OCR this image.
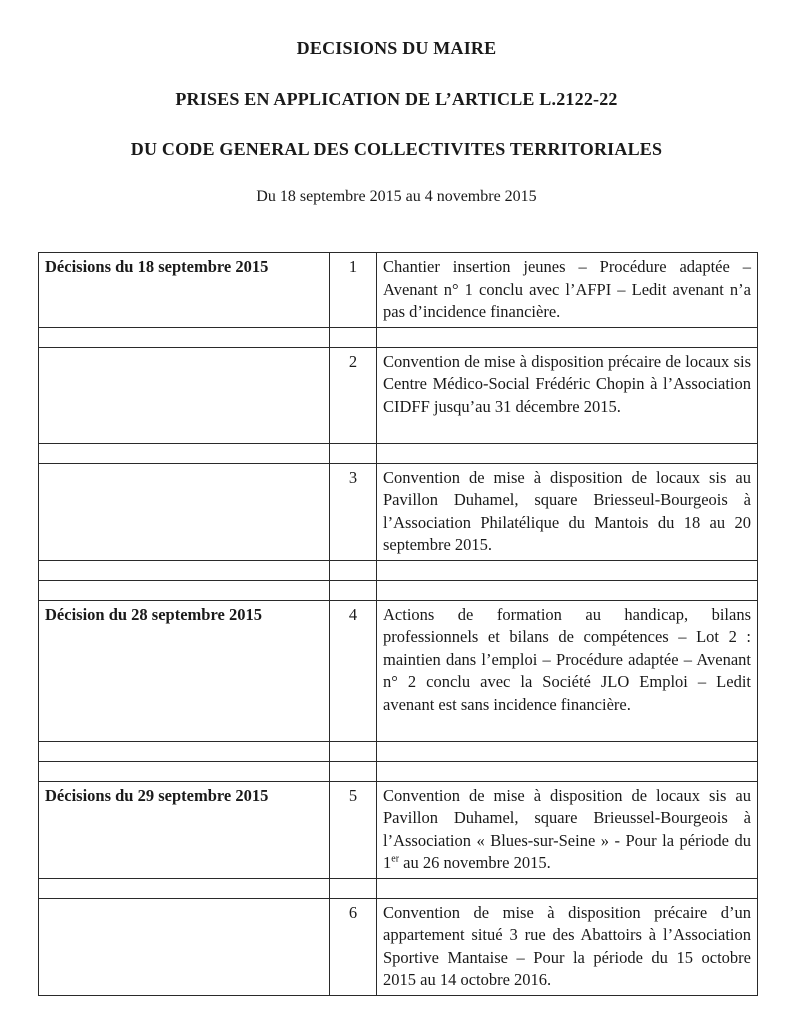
DECISIONS DU MAIRE
PRISES EN APPLICATION DE L’ARTICLE L.2122-22
DU CODE GENERAL DES COLLECTIVITES TERRITORIALES
Du 18 septembre 2015 au 4 novembre 2015
Décisions du 18 septembre 2015	1	Chantier insertion jeunes – Procédure adaptée – Avenant n° 1 conclu avec l’AFPI – Ledit avenant n’a pas d’incidence financière.

	2	Convention de mise à disposition précaire de locaux sis Centre Médico-Social Frédéric Chopin à l’Association CIDFF jusqu’au 31 décembre 2015.

	3	Convention de mise à disposition de locaux sis au Pavillon Duhamel, square Briesseul-Bourgeois à l’Association Philatélique du Mantois du 18 au 20 septembre 2015.

Décision du 28 septembre 2015	4	Actions de formation au handicap, bilans professionnels et bilans de compétences – Lot 2 : maintien dans l’emploi – Procédure adaptée – Avenant n° 2 conclu avec la Société JLO Emploi – Ledit avenant est sans incidence financière.

Décisions du 29 septembre 2015	5	Convention de mise à disposition de locaux sis au Pavillon Duhamel, square Brieussel-Bourgeois à l’Association « Blues-sur-Seine » - Pour la période du 1er au 26 novembre 2015.

	6	Convention de mise à disposition précaire d’un appartement situé 3 rue des Abattoirs à l’Association Sportive Mantaise – Pour la période du 15 octobre 2015 au 14 octobre 2016.
